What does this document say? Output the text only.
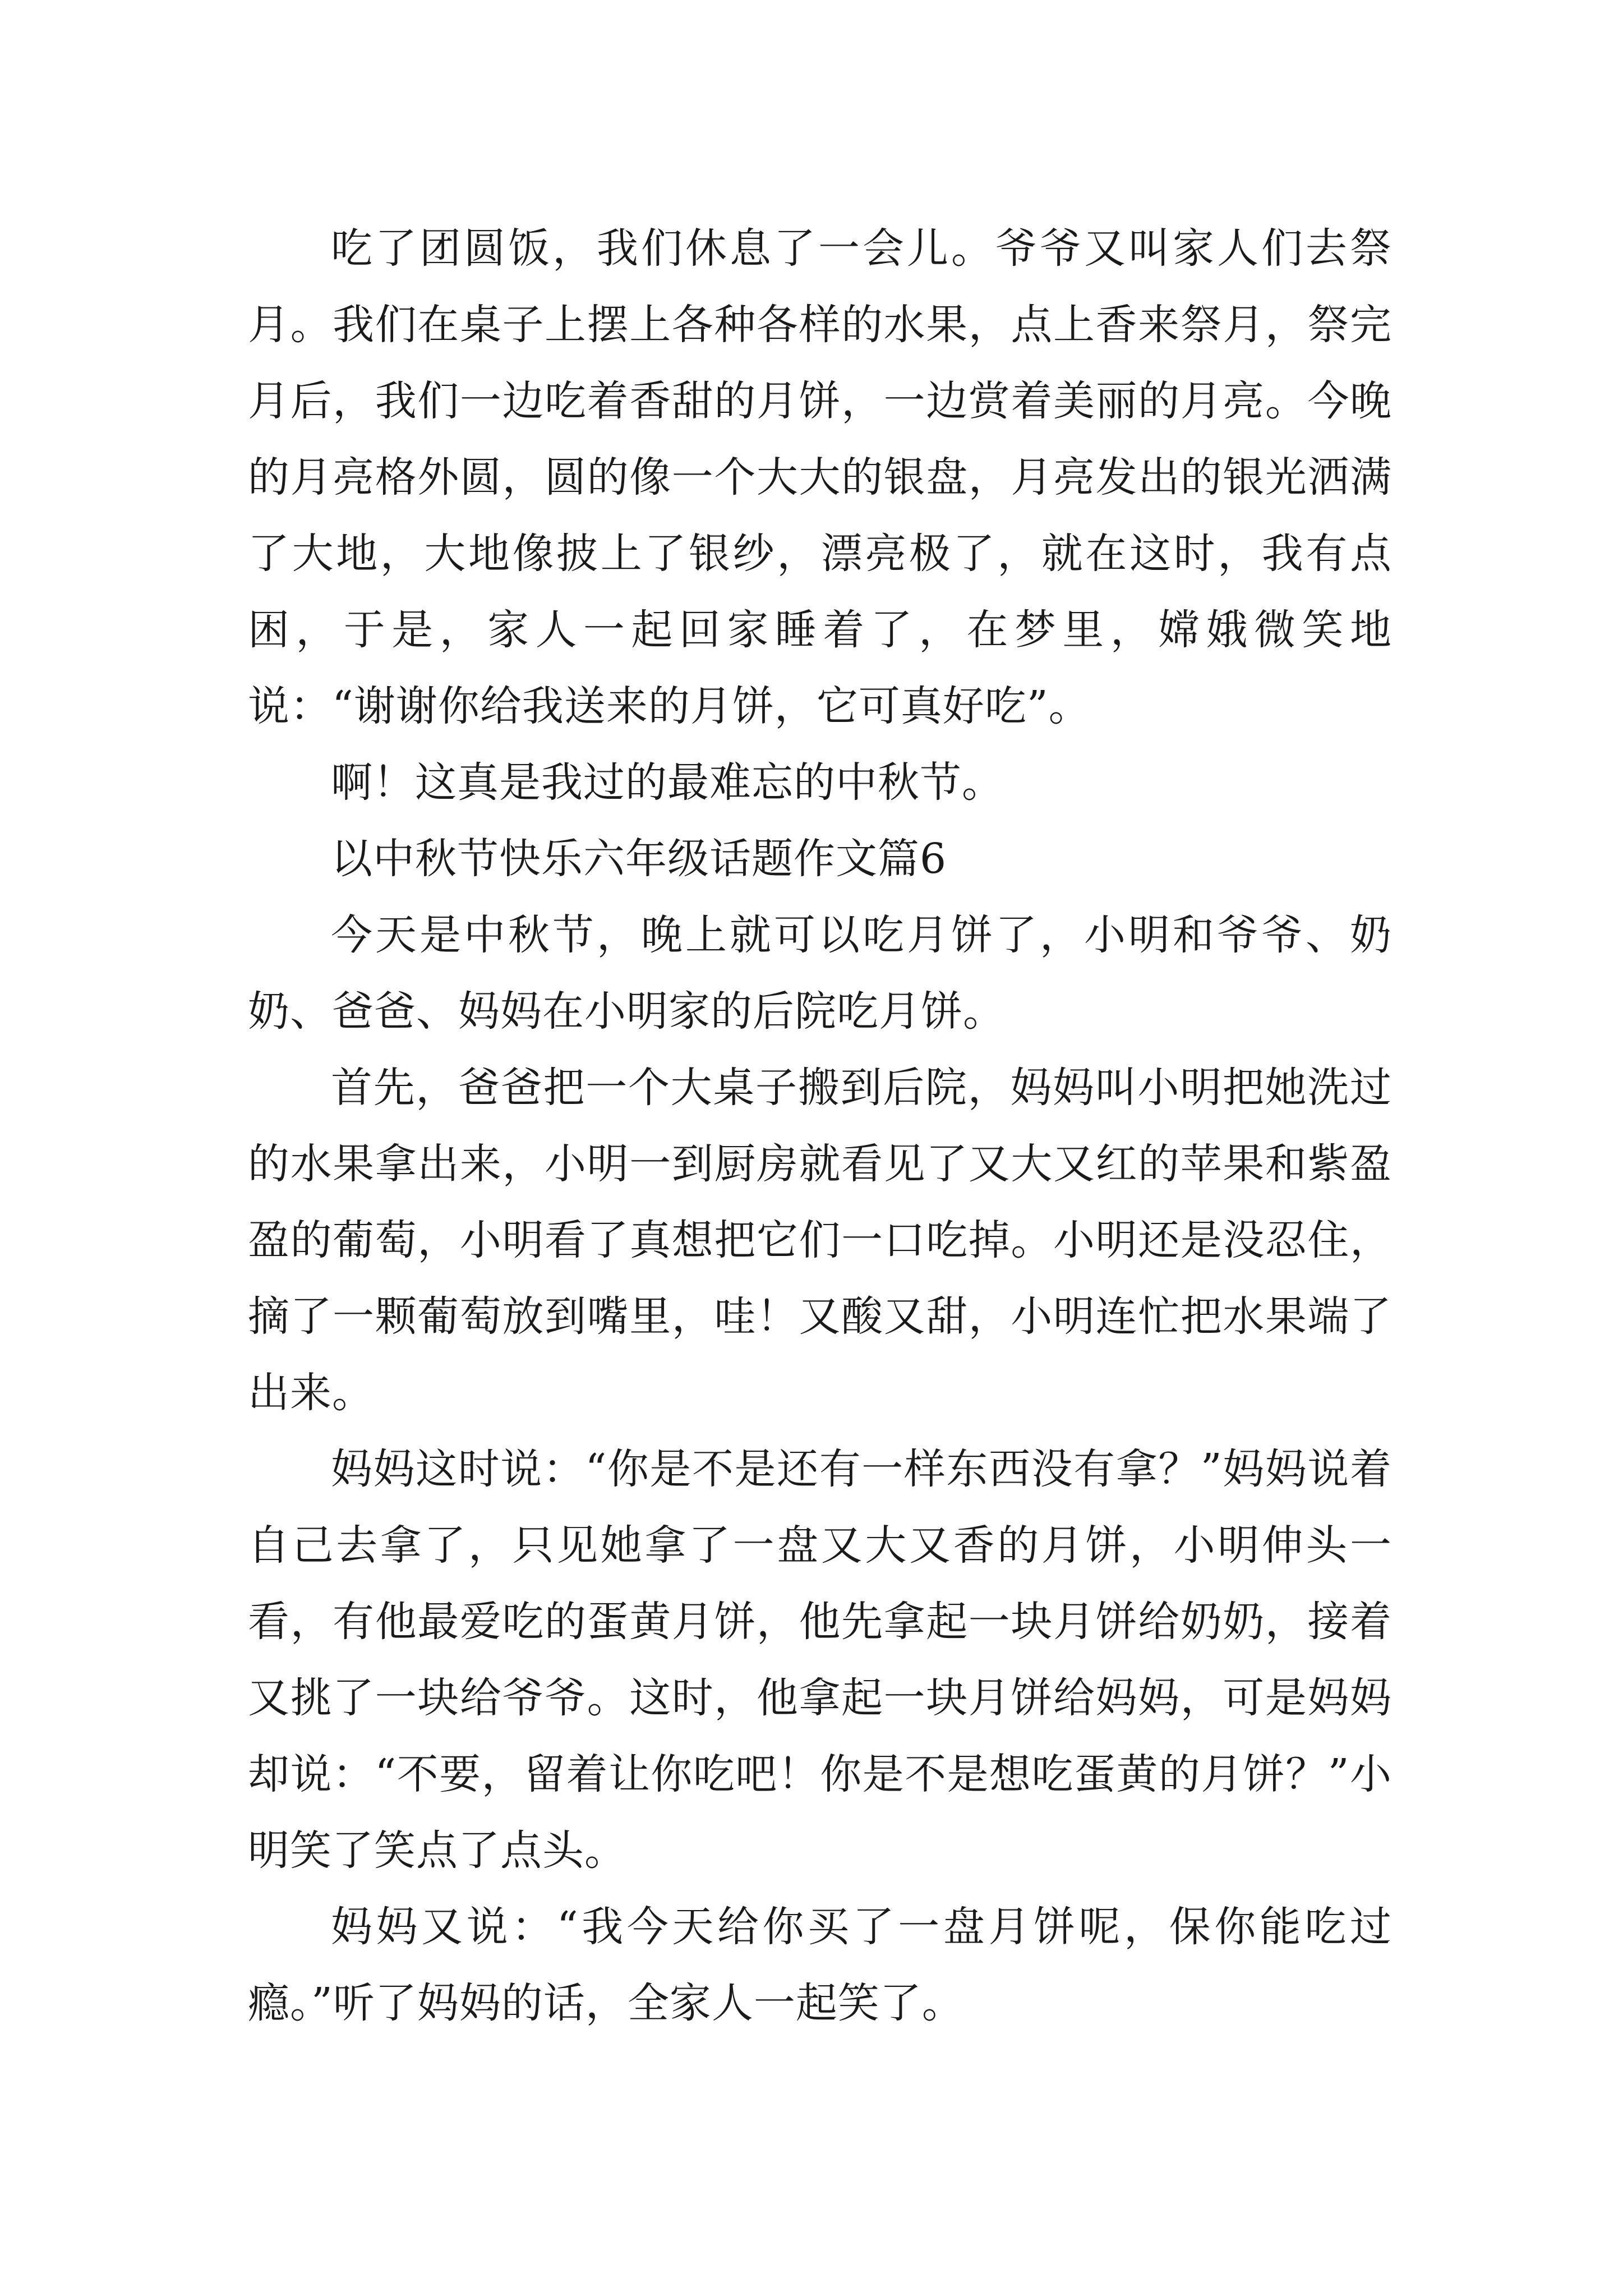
吃了团圆饭，我们休息了一会儿。爷爷又叫家人们去祭月。我们在桌子上摆上各种各样的水果，点上香来祭月，祭完月后，我们一边吃着香甜的月饼，一边赏着美丽的月亮。今晚的月亮格外圆，圆的像一个大大的银盘，月亮发出的银光洒满了大地，大地像披上了银纱，漂亮极了，就在这时，我有点困，于是，家人一起回家睡着了，在梦里，嫦娥微笑地说：“谢谢你给我送来的月饼，它可真好吃”。

啊！这真是我过的最难忘的中秋节。

以中秋节快乐六年级话题作文篇6

今天是中秋节，晚上就可以吃月饼了，小明和爷爷、奶奶、爸爸、妈妈在小明家的后院吃月饼。

首先，爸爸把一个大桌子搬到后院，妈妈叫小明把她洗过的水果拿出来，小明一到厨房就看见了又大又红的苹果和紫盈盈的葡萄，小明看了真想把它们一口吃掉。小明还是没忍住，摘了一颗葡萄放到嘴里，哇！又酸又甜，小明连忙把水果端了出来。

妈妈这时说：“你是不是还有一样东西没有拿？”妈妈说着自己去拿了，只见她拿了一盘又大又香的月饼，小明伸头一看，有他最爱吃的蛋黄月饼，他先拿起一块月饼给奶奶，接着又挑了一块给爷爷。这时，他拿起一块月饼给妈妈，可是妈妈却说：“不要，留着让你吃吧！你是不是想吃蛋黄的月饼？”小明笑了笑点了点头。

妈妈又说：“我今天给你买了一盘月饼呢，保你能吃过瘾。”听了妈妈的话，全家人一起笑了。
